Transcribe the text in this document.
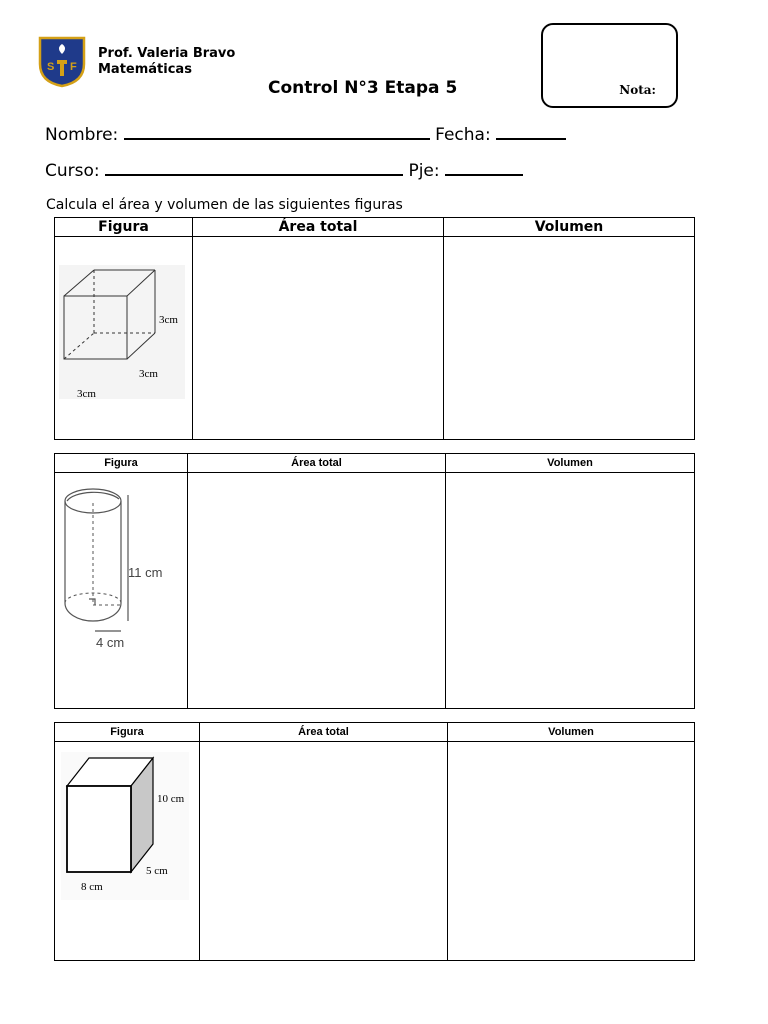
S F
Prof. Valeria Bravo
Matemáticas
Control N°3 Etapa 5	Nota:
Nombre:	Fecha:
Curso:	Pje:
Calcula el área y volumen de las siguientes figuras
Figura	Área total	Volumen

3cm
3cm
3cm		

Figura	Área total	Volumen

11 cm
4 cm		

Figura	Área total	Volumen

10 cm
5 cm
8 cm		
